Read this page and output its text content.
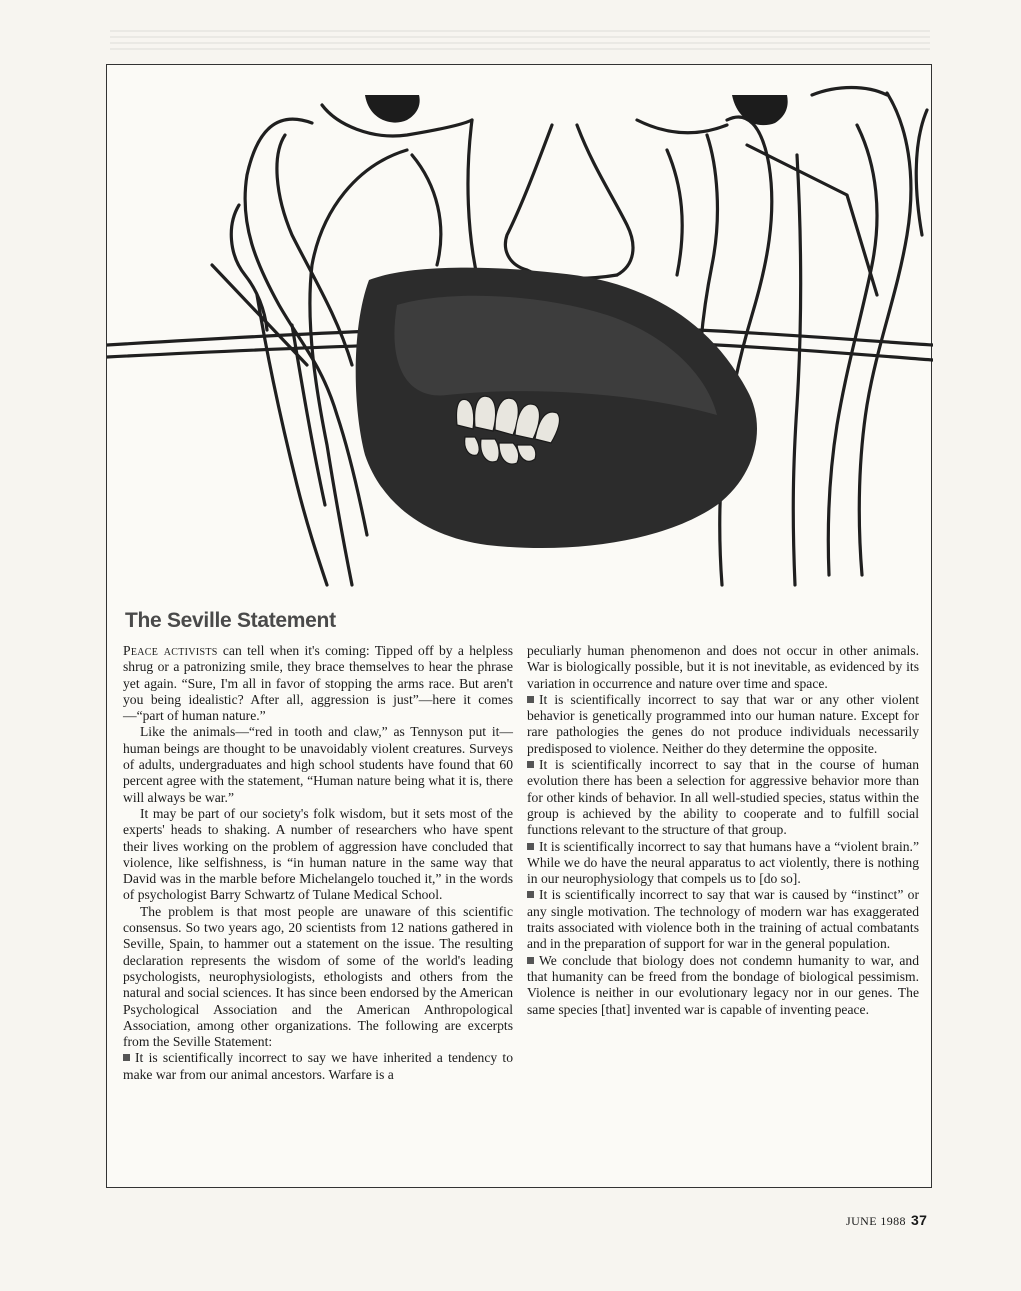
The Seville Statement

Peace activists can tell when it's coming: Tipped off by a helpless shrug or a patronizing smile, they brace themselves to hear the phrase yet again. “Sure, I'm all in favor of stopping the arms race. But aren't you being idealistic? After all, aggression is just”—here it comes—“part of human nature.”

Like the animals—“red in tooth and claw,” as Tennyson put it—human beings are thought to be unavoidably violent creatures. Surveys of adults, undergraduates and high school students have found that 60 percent agree with the statement, “Human nature being what it is, there will always be war.”

It may be part of our society's folk wisdom, but it sets most of the experts' heads to shaking. A number of researchers who have spent their lives working on the problem of aggression have concluded that violence, like selfishness, is “in human nature in the same way that David was in the marble before Michelangelo touched it,” in the words of psychologist Barry Schwartz of Tulane Medical School.

The problem is that most people are unaware of this scientific consensus. So two years ago, 20 scientists from 12 nations gathered in Seville, Spain, to hammer out a statement on the issue. The resulting declaration represents the wisdom of some of the world's leading psychologists, neurophysiologists, ethologists and others from the natural and social sciences. It has since been endorsed by the American Psychological Association and the American Anthropological Association, among other organizations. The following are excerpts from the Seville Statement:

It is scientifically incorrect to say we have inherited a tendency to make war from our animal ancestors. Warfare is a

peculiarly human phenomenon and does not occur in other animals. War is biologically possible, but it is not inevitable, as evidenced by its variation in occurrence and nature over time and space.

It is scientifically incorrect to say that war or any other violent behavior is genetically programmed into our human nature. Except for rare pathologies the genes do not produce individuals necessarily predisposed to violence. Neither do they determine the opposite.

It is scientifically incorrect to say that in the course of human evolution there has been a selection for aggressive behavior more than for other kinds of behavior. In all well-studied species, status within the group is achieved by the ability to cooperate and to fulfill social functions relevant to the structure of that group.

It is scientifically incorrect to say that humans have a “violent brain.” While we do have the neural apparatus to act violently, there is nothing in our neurophysiology that compels us to [do so].

It is scientifically incorrect to say that war is caused by “instinct” or any single motivation. The technology of modern war has exaggerated traits associated with violence both in the training of actual combatants and in the preparation of support for war in the general population.

We conclude that biology does not condemn humanity to war, and that humanity can be freed from the bondage of biological pessimism. Violence is neither in our evolutionary legacy nor in our genes. The same species [that] invented war is capable of inventing peace.

JUNE 1988 37
